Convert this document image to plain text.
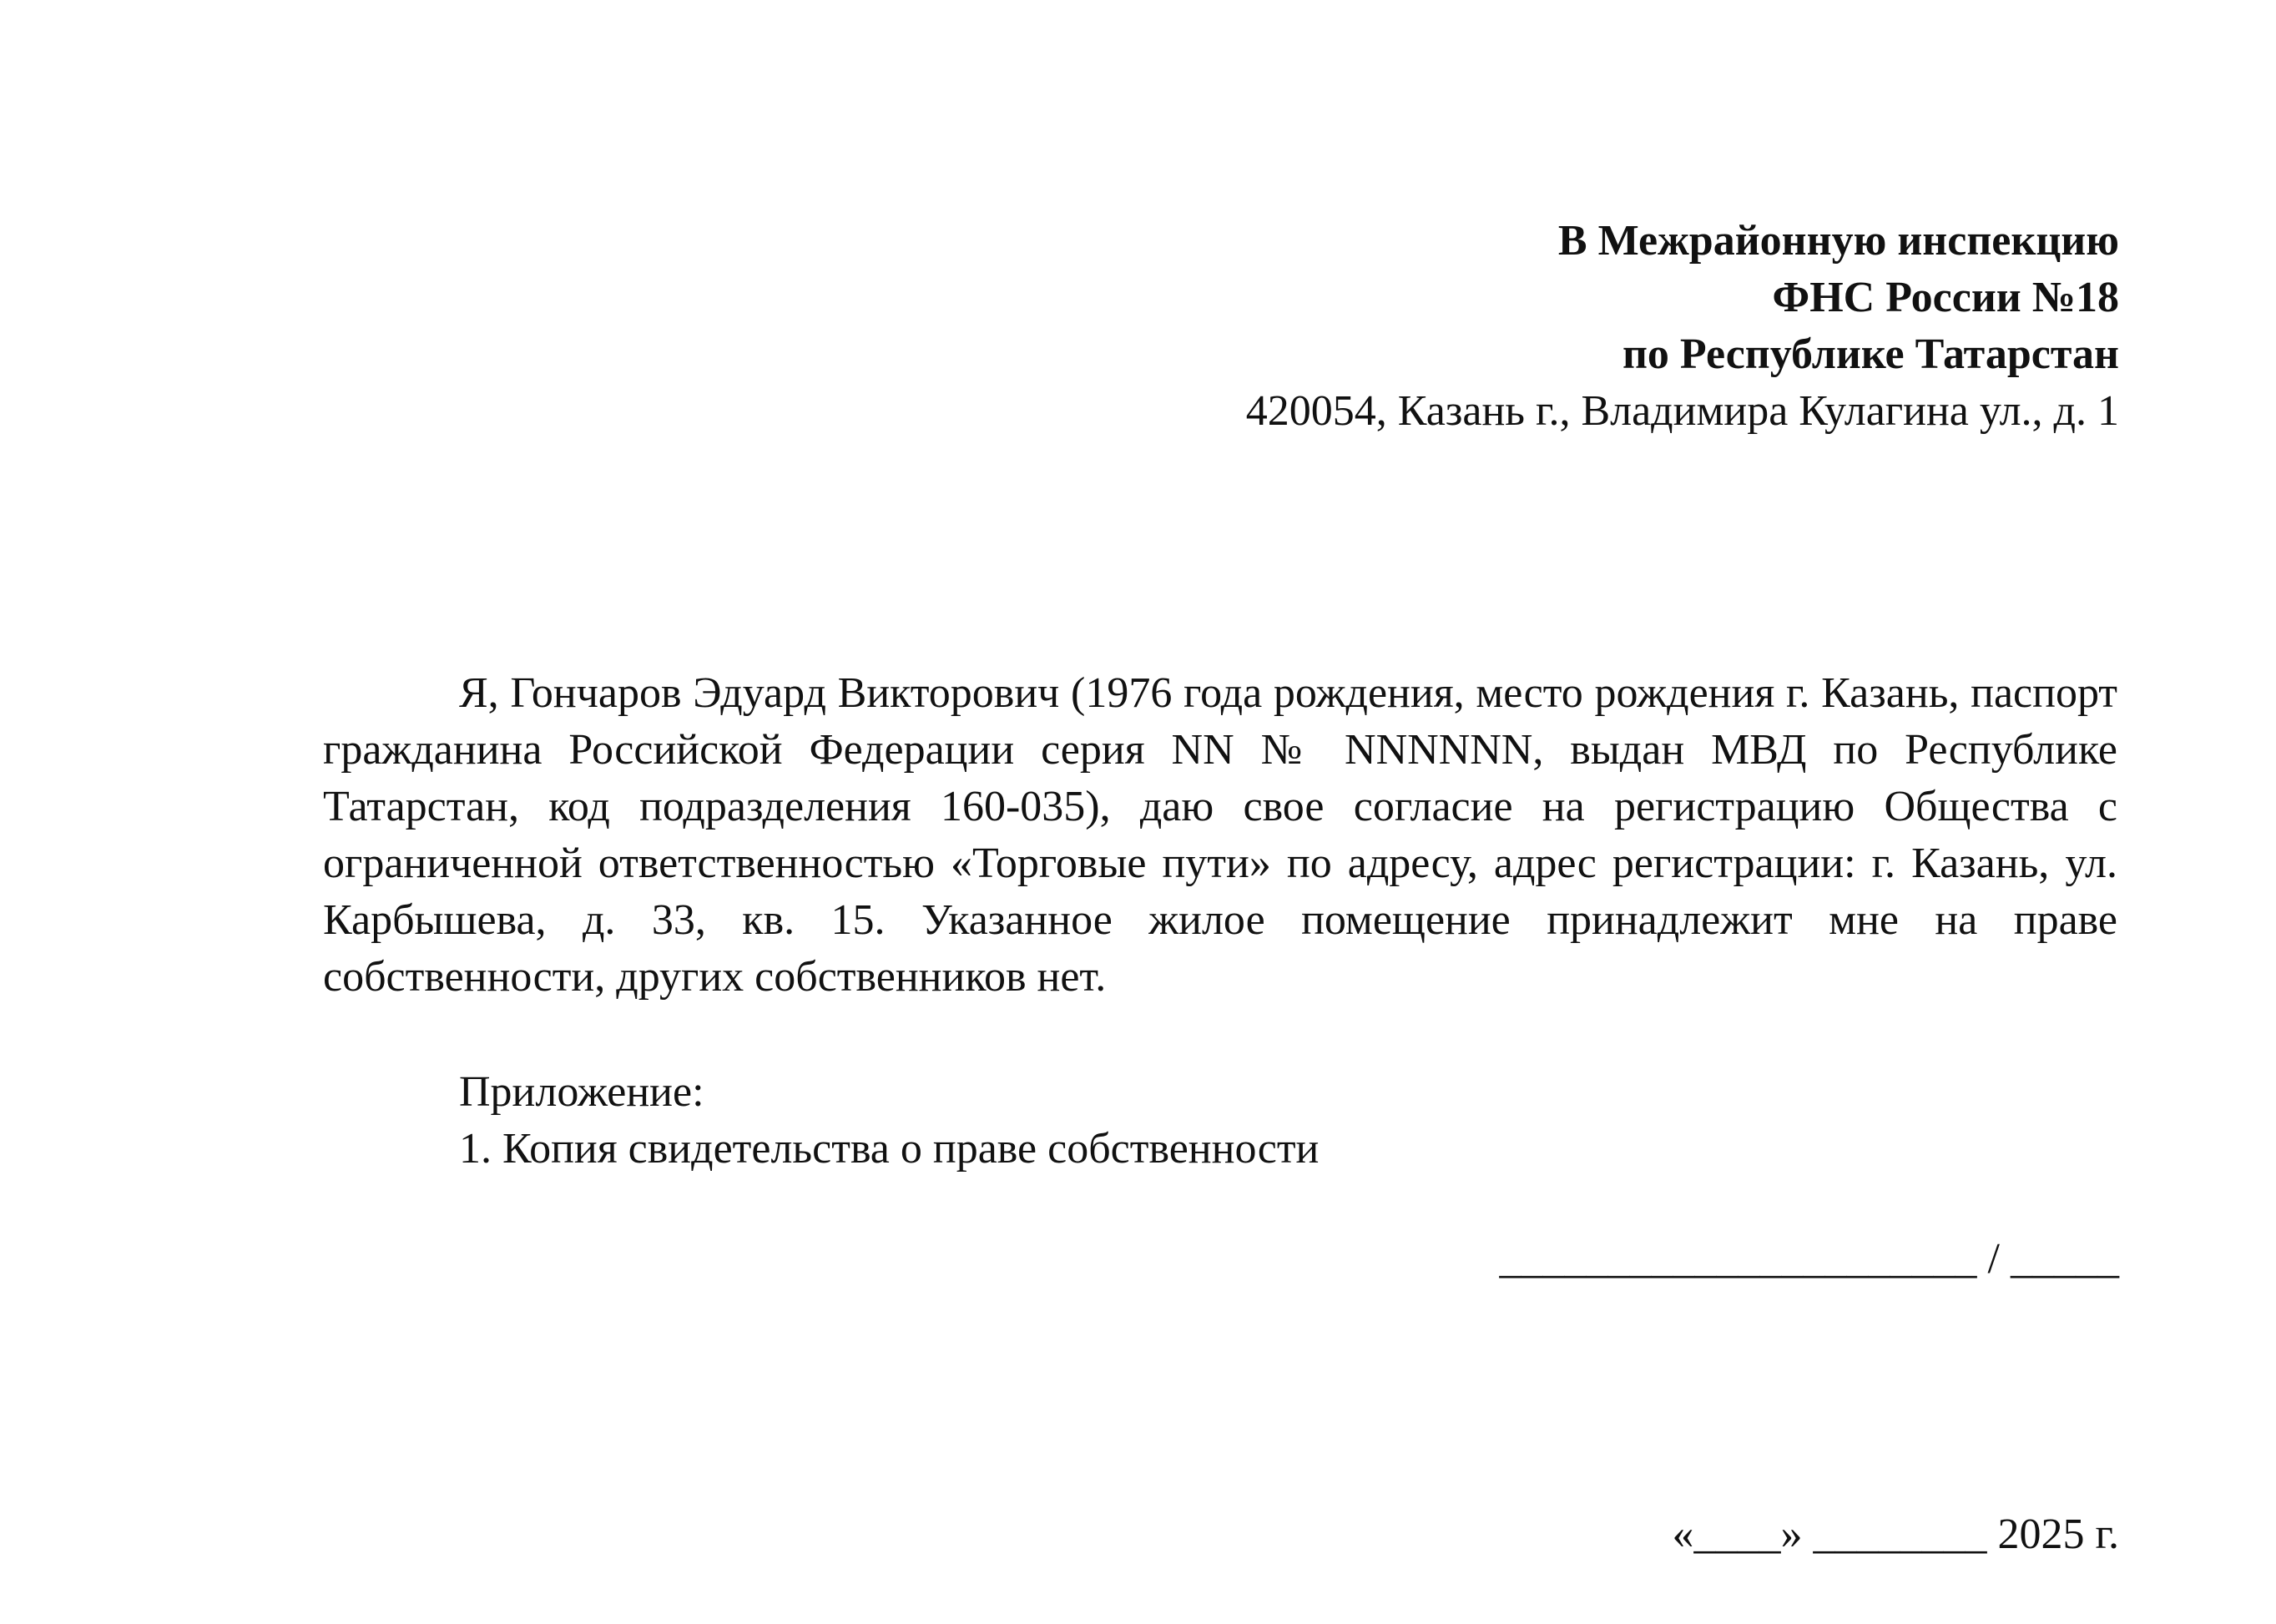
В Межрайонную инспекцию
ФНС России №18
по Республике Татарстан
420054, Казань г., Владимира Кулагина ул., д. 1

Я, Гончаров Эдуард Викторович (1976 года рождения, место рождения г. Казань, паспорт гражданина Российской Федерации серия NN № NNNNNN, выдан МВД по Республике Татарстан, код подразделения 160-035), даю свое согласие на регистрацию Общества с ограниченной ответственностью «Торговые пути» по адресу, адрес регистрации: г. Казань, ул. Карбышева, д. 33, кв. 15. Указанное жилое помещение принадлежит мне на праве собственности, других собственников нет.

Приложение:
1. Копия свидетельства о праве собственности
______________________ / _____
«____» ________ 2025 г.
